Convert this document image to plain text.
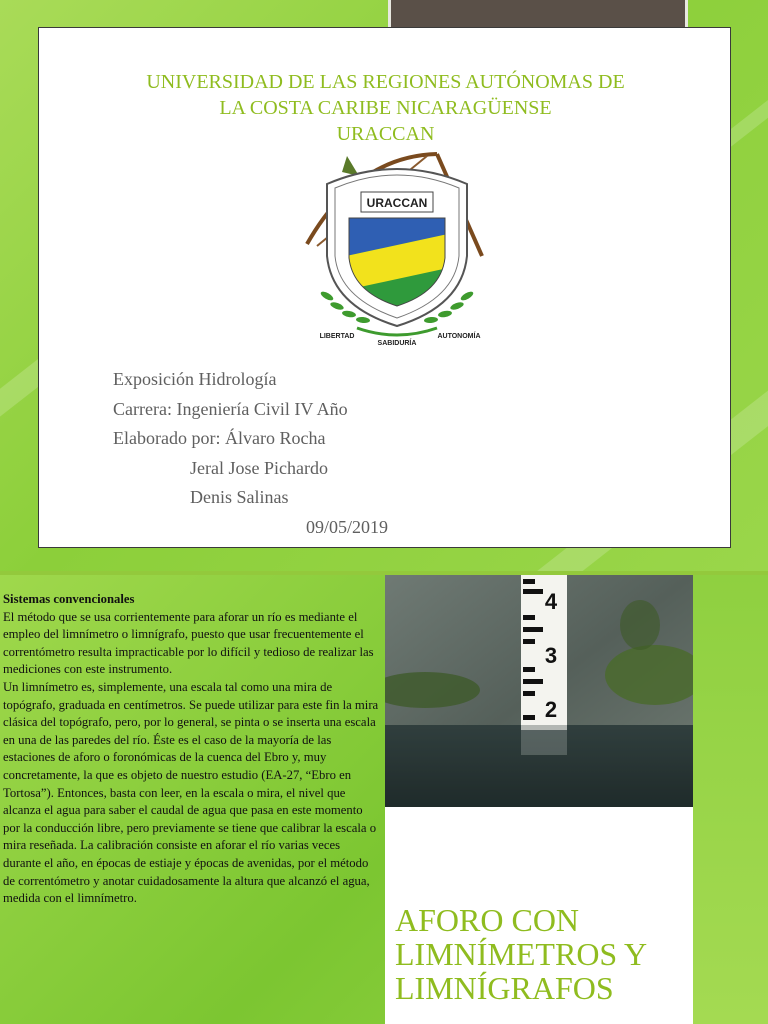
UNIVERSIDAD DE LAS REGIONES AUTÓNOMAS DE
LA COSTA CARIBE NICARAGÜENSE
URACCAN
URACCAN
LIBERTAD
SABIDURÍA
AUTONOMÍA
Exposición Hidrología
Carrera: Ingeniería Civil IV Año
Elaborado por: Álvaro Rocha
Jeral Jose Pichardo
Denis Salinas
09/05/2019
Sistemas convencionales

El método que se usa corrientemente para aforar un río es mediante el empleo del limnímetro o limnígrafo, puesto que usar frecuentemente el correntómetro resulta impracticable por lo difícil y tedioso de realizar las mediciones con este instrumento.

Un limnímetro es, simplemente, una escala tal como una mira de topógrafo, graduada en centímetros. Se puede utilizar para este fin la mira clásica del topógrafo, pero, por lo general, se pinta o se inserta una escala en una de las paredes del río. Éste es el caso de la mayoría de las estaciones de aforo o foronómicas de la cuenca del Ebro y, muy concretamente, la que es objeto de nuestro estudio (EA-27, “Ebro en Tortosa”). Entonces, basta con leer, en la escala o mira, el nivel que alcanza el agua para saber el caudal de agua que pasa en este momento por la conducción libre, pero previamente se tiene que calibrar la escala o mira reseñada. La calibración consiste en aforar el río varias veces durante el año, en épocas de estiaje y épocas de avenidas, por el método de correntómetro y anotar cuidadosamente la altura que alcanzó el agua, medida con el limnímetro.

4
3
2
AFORO CON
LIMNÍMETROS Y
LIMNÍGRAFOS
